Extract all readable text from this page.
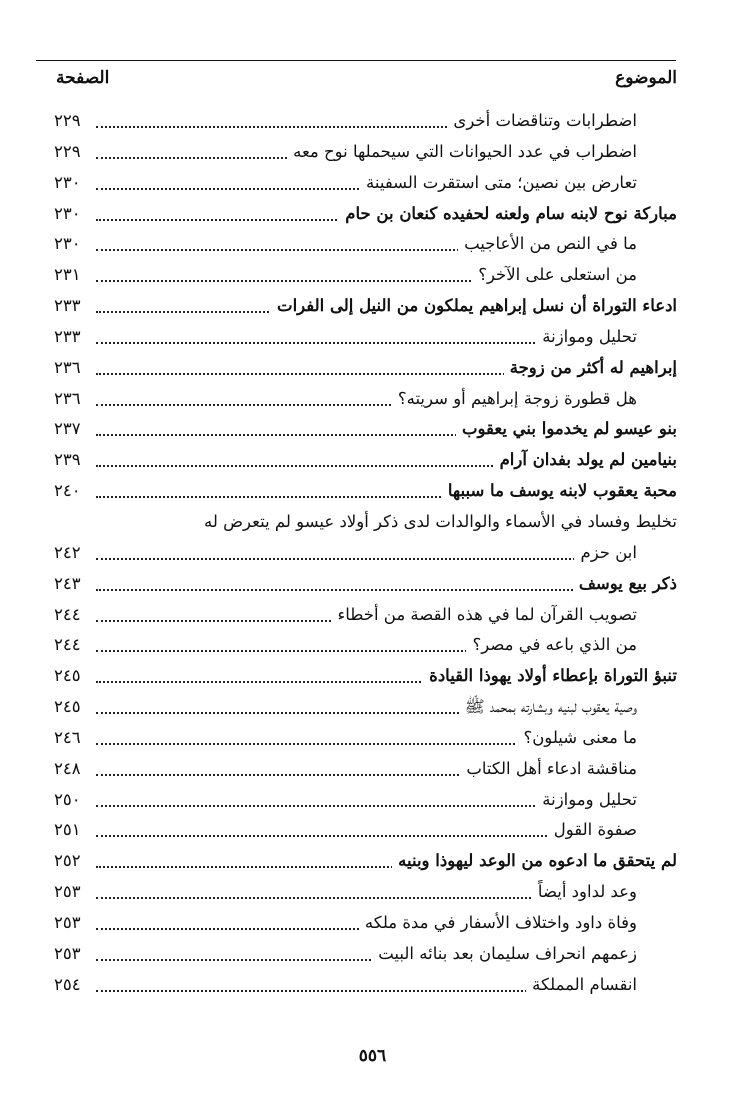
الموضوع
الصفحة
اضطرابات وتناقضات أخرى
٢٢٩
اضطراب في عدد الحيوانات التي سيحملها نوح معه
٢٢٩
تعارض بين نصين؛ متى استقرت السفينة
٢٣٠
مباركة نوح لابنه سام ولعنه لحفيده كنعان بن حام
٢٣٠
ما في النص من الأعاجيب
٢٣٠
من استعلى على الآخر؟
٢٣١
ادعاء التوراة أن نسل إبراهيم يملكون من النيل إلى الفرات
٢٣٣
تحليل وموازنة
٢٣٣
إبراهيم له أكثر من زوجة
٢٣٦
هل قطورة زوجة إبراهيم أو سريته؟
٢٣٦
بنو عيسو لم يخدموا بني يعقوب
٢٣٧
بنيامين لم يولد بفدان آرام
٢٣٩
محبة يعقوب لابنه يوسف ما سببها
٢٤٠
تخليط وفساد في الأسماء والوالدات لدى ذكر أولاد عيسو لم يتعرض له
ابن حزم
٢٤٢
ذكر بيع يوسف
٢٤٣
تصويب القرآن لما في هذه القصة من أخطاء
٢٤٤
من الذي باعه في مصر؟
٢٤٤
تنبؤ التوراة بإعطاء أولاد يهوذا القيادة
٢٤٥
وصية يعقوب لبنيه وبشارته بمحمد ﷺ
٢٤٥
ما معنى شيلون؟
٢٤٦
مناقشة ادعاء أهل الكتاب
٢٤٨
تحليل وموازنة
٢٥٠
صفوة القول
٢٥١
لم يتحقق ما ادعوه من الوعد ليهوذا وبنيه
٢٥٢
وعد لداود أيضاً
٢٥٣
وفاة داود واختلاف الأسفار في مدة ملكه
٢٥٣
زعمهم انحراف سليمان بعد بنائه البيت
٢٥٣
انقسام المملكة
٢٥٤
٥٥٦
